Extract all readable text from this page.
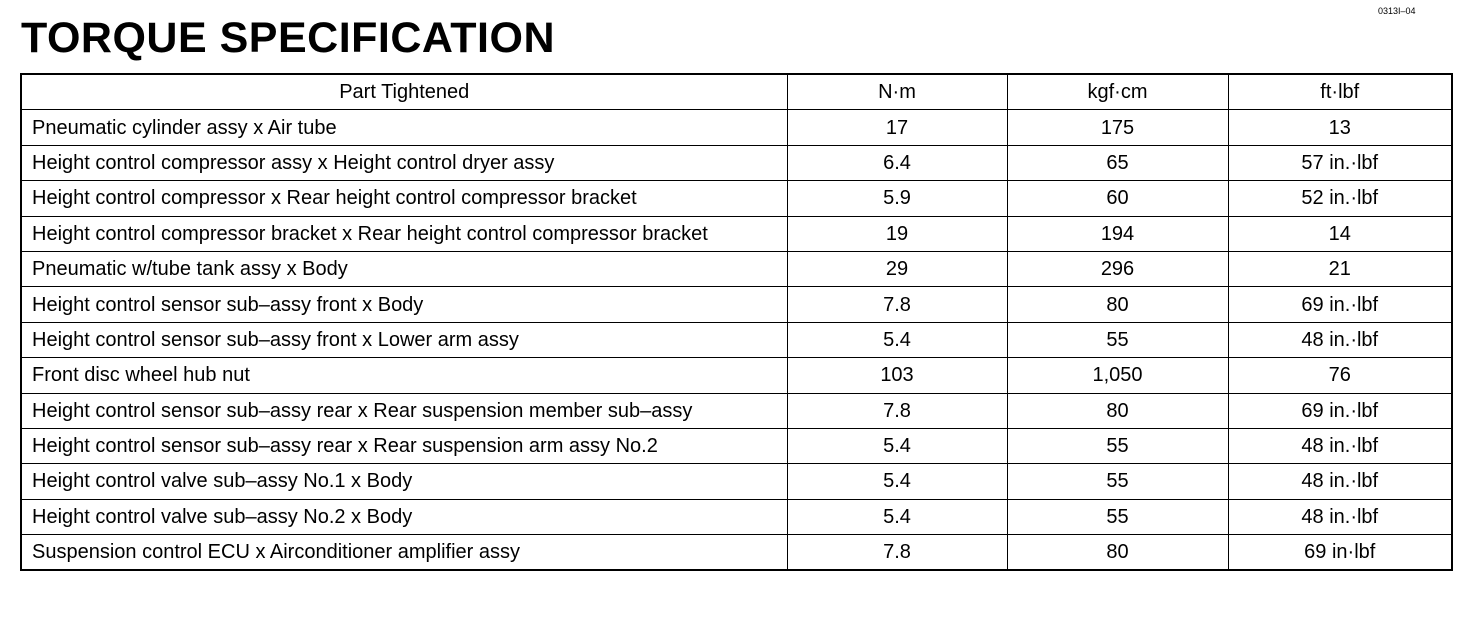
0313I–04
TORQUE SPECIFICATION
Part Tightened	N·m	kgf·cm	ft·lbf
Pneumatic cylinder assy x Air tube	17	175	13
Height control compressor assy x Height control dryer assy	6.4	65	57 in.·lbf
Height control compressor x Rear height control compressor bracket	5.9	60	52 in.·lbf
Height control compressor bracket x Rear height control compressor bracket	19	194	14
Pneumatic w/tube tank assy x Body	29	296	21
Height control sensor sub–assy front x Body	7.8	80	69 in.·lbf
Height control sensor sub–assy front x Lower arm assy	5.4	55	48 in.·lbf
Front disc wheel hub nut	103	1,050	76
Height control sensor sub–assy rear x Rear suspension member sub–assy	7.8	80	69 in.·lbf
Height control sensor sub–assy rear x Rear suspension arm assy No.2	5.4	55	48 in.·lbf
Height control valve sub–assy No.1 x Body	5.4	55	48 in.·lbf
Height control valve sub–assy No.2 x Body	5.4	55	48 in.·lbf
Suspension control ECU x Airconditioner amplifier assy	7.8	80	69 in·lbf
